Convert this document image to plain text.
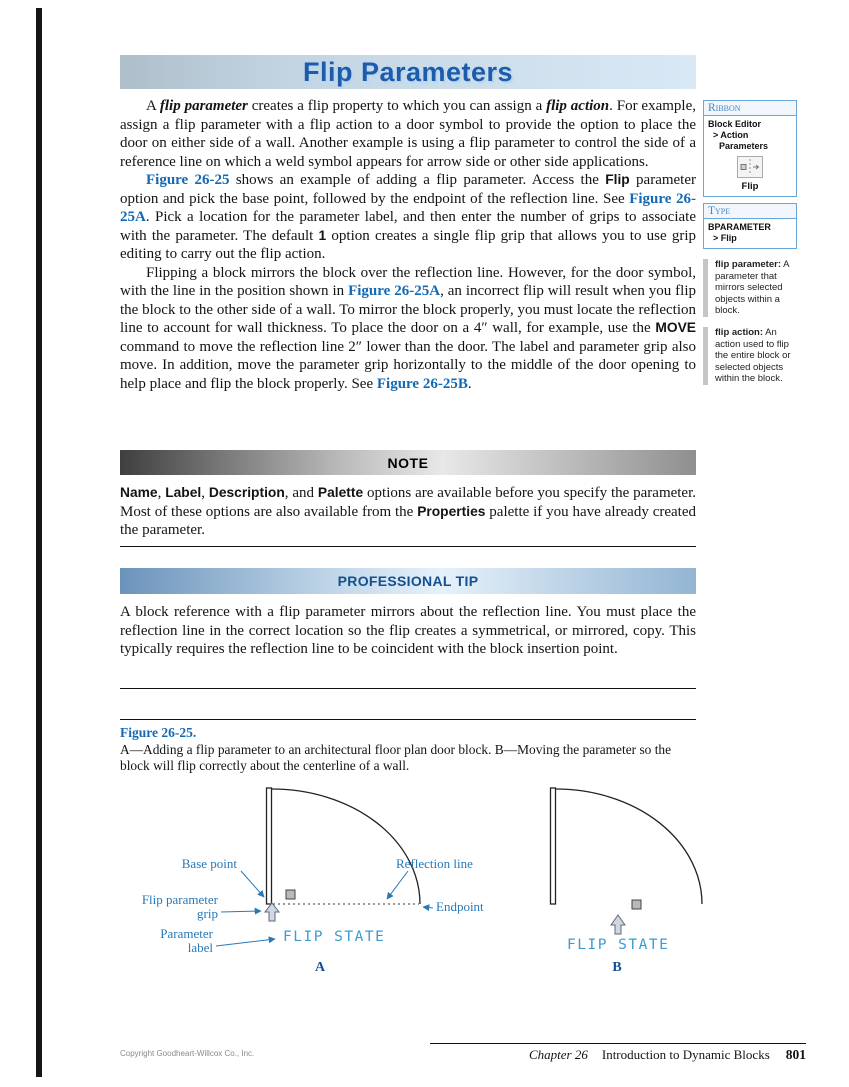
Flip Parameters

A flip parameter creates a flip property to which you can assign a flip action. For example, assign a flip parameter with a flip action to a door symbol to provide the option to place the door on either side of a wall. Another example is using a flip parameter to control the side of a reference line on which a weld symbol appears for arrow side or other side applications.

Figure 26-25 shows an example of adding a flip parameter. Access the Flip parameter option and pick the base point, followed by the endpoint of the reflection line. See Figure 26-25A. Pick a location for the parameter label, and then enter the number of grips to associate with the parameter. The default 1 option creates a single flip grip that allows you to use grip editing to carry out the flip action.

Flipping a block mirrors the block over the reflection line. However, for the door symbol, with the line in the position shown in Figure 26-25A, an incorrect flip will result when you flip the block to the other side of a wall. To mirror the block properly, you must locate the reflection line to account for wall thickness. To place the door on a 4″ wall, for example, use the MOVE command to move the reflection line 2″ lower than the door. The label and parameter grip also move. In addition, move the parameter grip horizontally to the middle of the door opening to help place and flip the block properly. See Figure 26-25B.

Ribbon
Block Editor
> Action
Parameters
Flip
Type
BPARAMETER
> Flip
flip parameter: A parameter that mirrors selected objects within a block.
flip action: An action used to flip the entire block or selected objects within the block.
NOTE
Name, Label, Description, and Palette options are available before you specify the parameter. Most of these options are also available from the Properties palette if you have already created the parameter.
PROFESSIONAL TIP
A block reference with a flip parameter mirrors about the reflection line. You must place the reflection line in the correct location so the flip creates a symmetrical, or mirrored, copy. This typically requires the reflection line to be coincident with the block insertion point.
Figure 26-25.
A—Adding a flip parameter to an architectural floor plan door block. B—Moving the parameter so the block will flip correctly about the centerline of a wall.
Base point	Reflection line
Flip parameter
grip	Endpoint
Parameter
label
FLIP STATE
A
FLIP STATE
B
Copyright Goodheart-Willcox Co., Inc.	Chapter 26 Introduction to Dynamic Blocks 801
